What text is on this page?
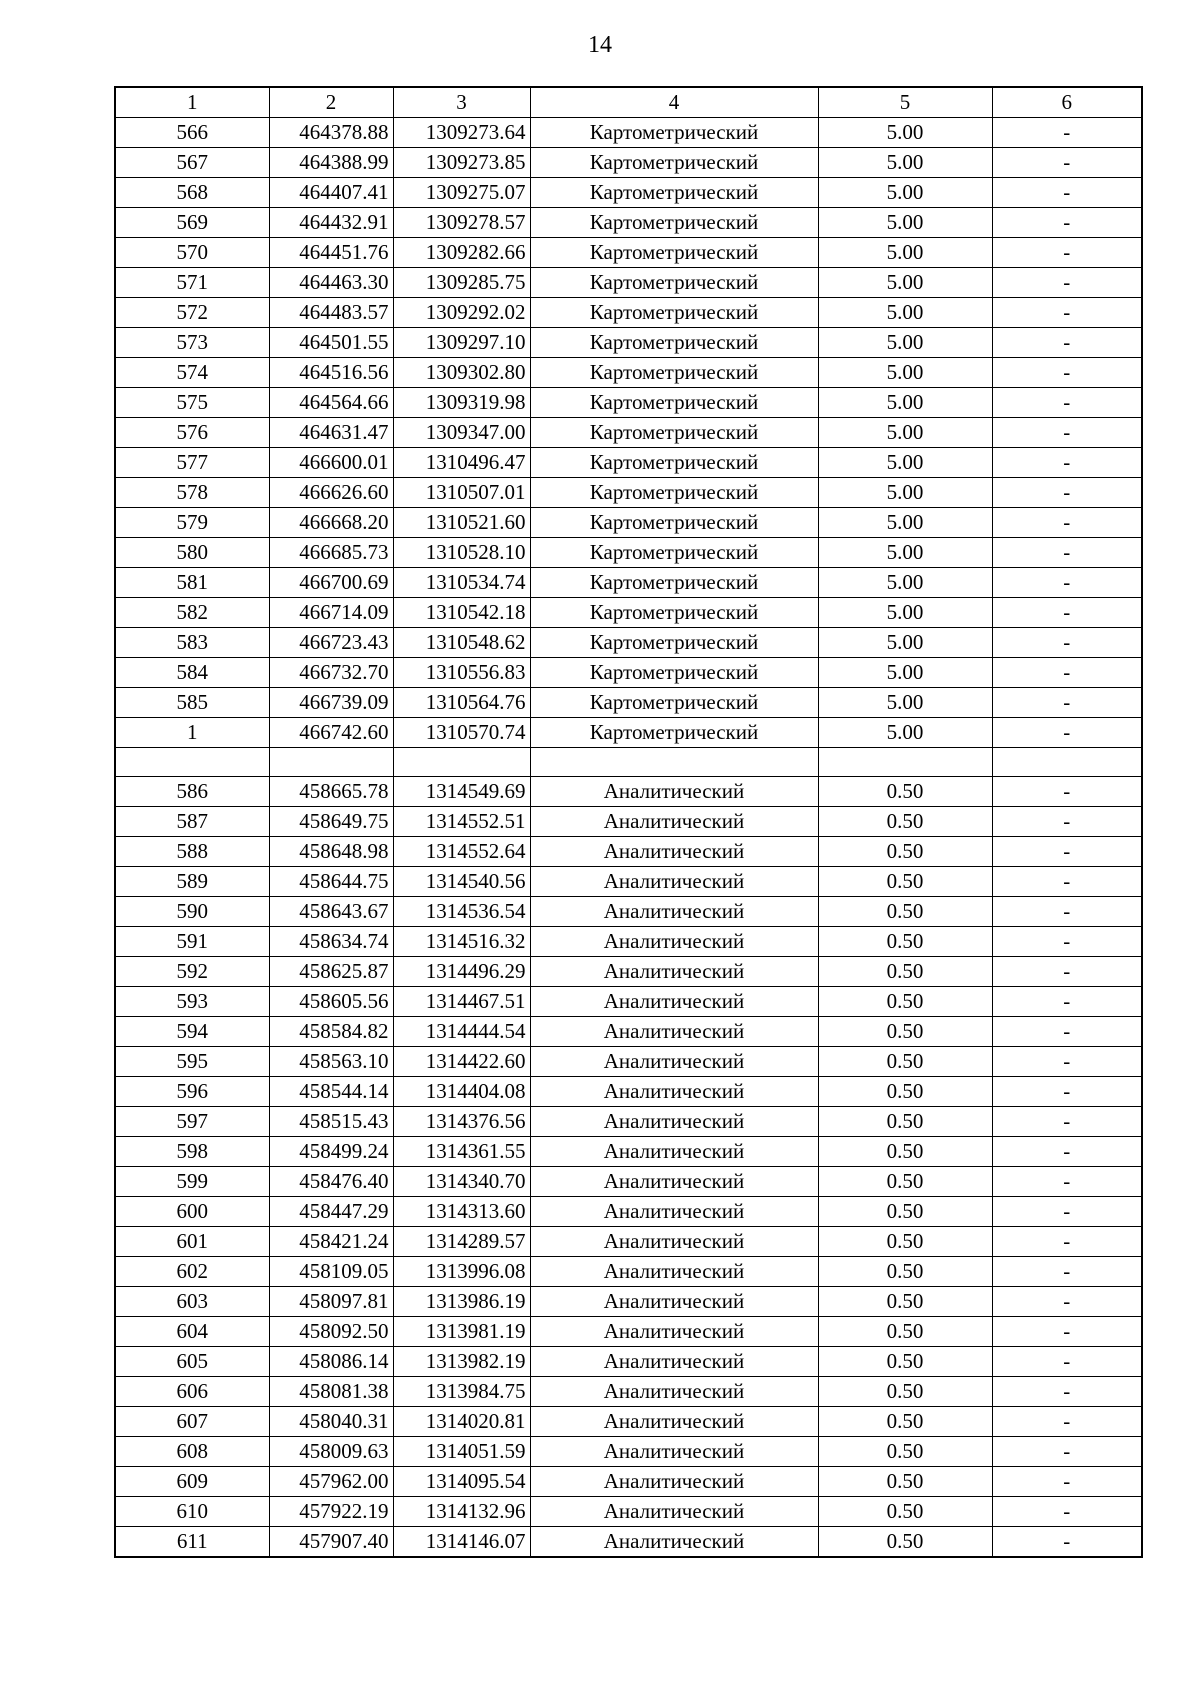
14
1	2	3	4	5	6
566	464378.88	1309273.64	Картометрический	5.00	-
567	464388.99	1309273.85	Картометрический	5.00	-
568	464407.41	1309275.07	Картометрический	5.00	-
569	464432.91	1309278.57	Картометрический	5.00	-
570	464451.76	1309282.66	Картометрический	5.00	-
571	464463.30	1309285.75	Картометрический	5.00	-
572	464483.57	1309292.02	Картометрический	5.00	-
573	464501.55	1309297.10	Картометрический	5.00	-
574	464516.56	1309302.80	Картометрический	5.00	-
575	464564.66	1309319.98	Картометрический	5.00	-
576	464631.47	1309347.00	Картометрический	5.00	-
577	466600.01	1310496.47	Картометрический	5.00	-
578	466626.60	1310507.01	Картометрический	5.00	-
579	466668.20	1310521.60	Картометрический	5.00	-
580	466685.73	1310528.10	Картометрический	5.00	-
581	466700.69	1310534.74	Картометрический	5.00	-
582	466714.09	1310542.18	Картометрический	5.00	-
583	466723.43	1310548.62	Картометрический	5.00	-
584	466732.70	1310556.83	Картометрический	5.00	-
585	466739.09	1310564.76	Картометрический	5.00	-
1	466742.60	1310570.74	Картометрический	5.00	-

586	458665.78	1314549.69	Аналитический	0.50	-
587	458649.75	1314552.51	Аналитический	0.50	-
588	458648.98	1314552.64	Аналитический	0.50	-
589	458644.75	1314540.56	Аналитический	0.50	-
590	458643.67	1314536.54	Аналитический	0.50	-
591	458634.74	1314516.32	Аналитический	0.50	-
592	458625.87	1314496.29	Аналитический	0.50	-
593	458605.56	1314467.51	Аналитический	0.50	-
594	458584.82	1314444.54	Аналитический	0.50	-
595	458563.10	1314422.60	Аналитический	0.50	-
596	458544.14	1314404.08	Аналитический	0.50	-
597	458515.43	1314376.56	Аналитический	0.50	-
598	458499.24	1314361.55	Аналитический	0.50	-
599	458476.40	1314340.70	Аналитический	0.50	-
600	458447.29	1314313.60	Аналитический	0.50	-
601	458421.24	1314289.57	Аналитический	0.50	-
602	458109.05	1313996.08	Аналитический	0.50	-
603	458097.81	1313986.19	Аналитический	0.50	-
604	458092.50	1313981.19	Аналитический	0.50	-
605	458086.14	1313982.19	Аналитический	0.50	-
606	458081.38	1313984.75	Аналитический	0.50	-
607	458040.31	1314020.81	Аналитический	0.50	-
608	458009.63	1314051.59	Аналитический	0.50	-
609	457962.00	1314095.54	Аналитический	0.50	-
610	457922.19	1314132.96	Аналитический	0.50	-
611	457907.40	1314146.07	Аналитический	0.50	-
